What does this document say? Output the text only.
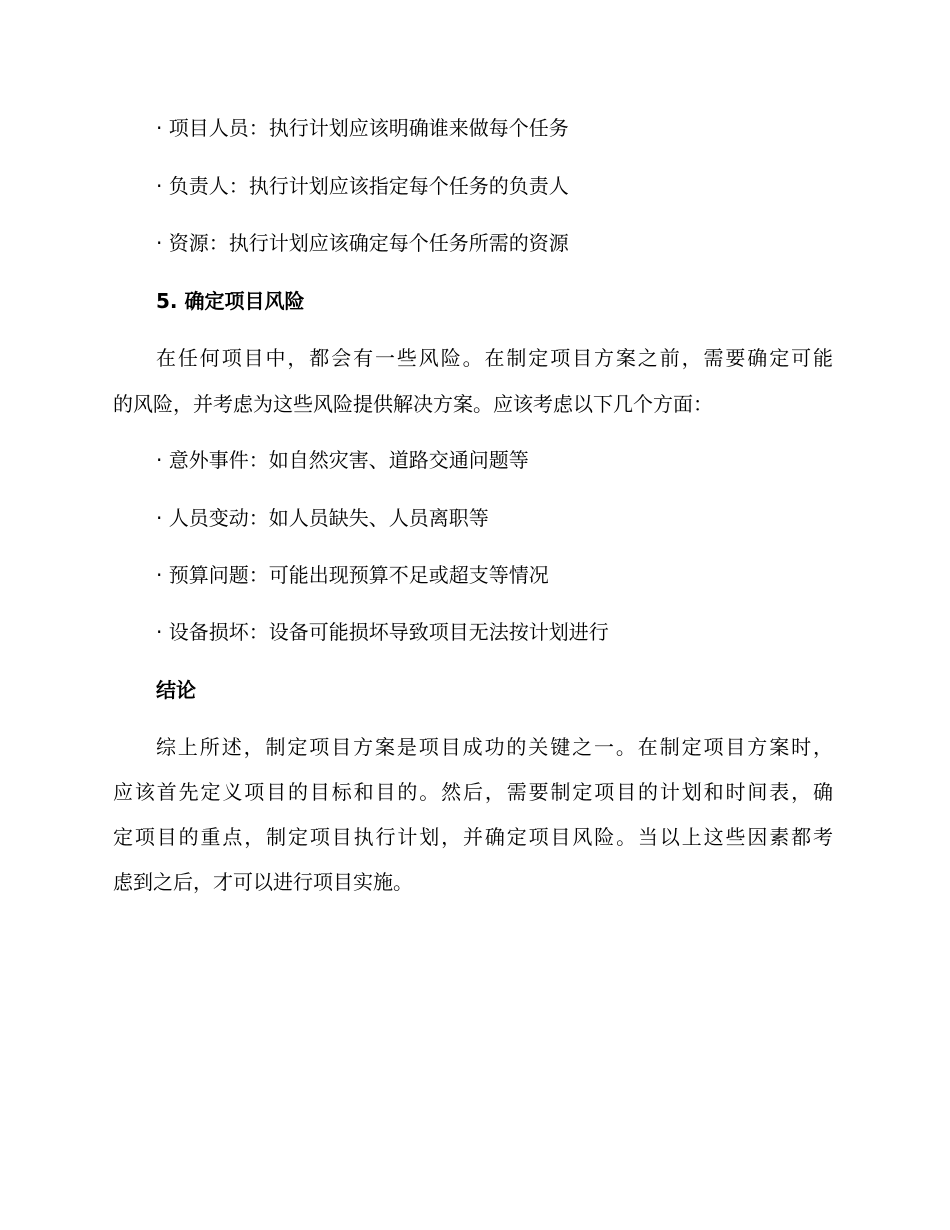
· 项目人员：执行计划应该明确谁来做每个任务
· 负责人：执行计划应该指定每个任务的负责人
· 资源：执行计划应该确定每个任务所需的资源
5. 确定项目风险
在任何项目中，都会有一些风险。在制定项目方案之前，需要确定可能
的风险，并考虑为这些风险提供解决方案。应该考虑以下几个方面：
· 意外事件：如自然灾害、道路交通问题等
· 人员变动：如人员缺失、人员离职等
· 预算问题：可能出现预算不足或超支等情况
· 设备损坏：设备可能损坏导致项目无法按计划进行
结论
综上所述，制定项目方案是项目成功的关键之一。在制定项目方案时，
应该首先定义项目的目标和目的。然后，需要制定项目的计划和时间表，确
定项目的重点，制定项目执行计划，并确定项目风险。当以上这些因素都考
虑到之后，才可以进行项目实施。
